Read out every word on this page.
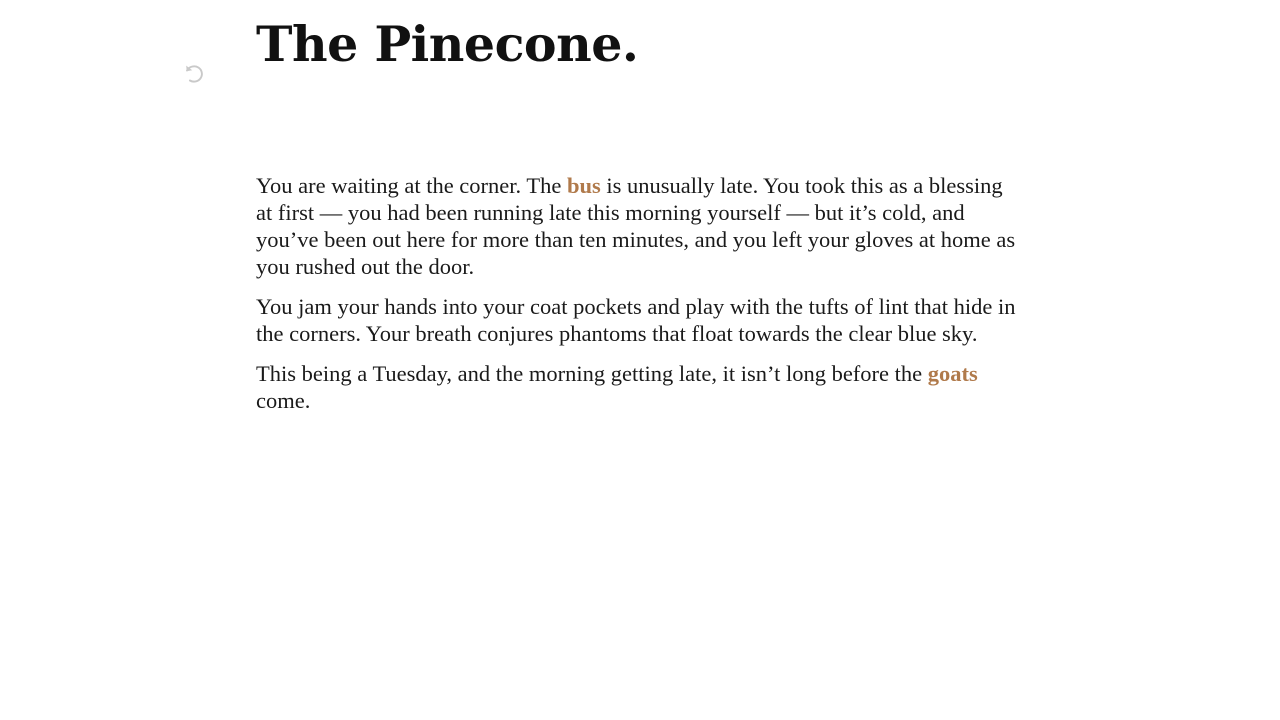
The Pinecone.

You are waiting at the corner. The bus is unusually late. You took this as a blessing at first — you had been running late this morning yourself — but it’s cold, and you’ve been out here for more than ten minutes, and you left your gloves at home as you rushed out the door.

You jam your hands into your coat pockets and play with the tufts of lint that hide in the corners. Your breath conjures phantoms that float towards the clear blue sky.

This being a Tuesday, and the morning getting late, it isn’t long before the goats come.
